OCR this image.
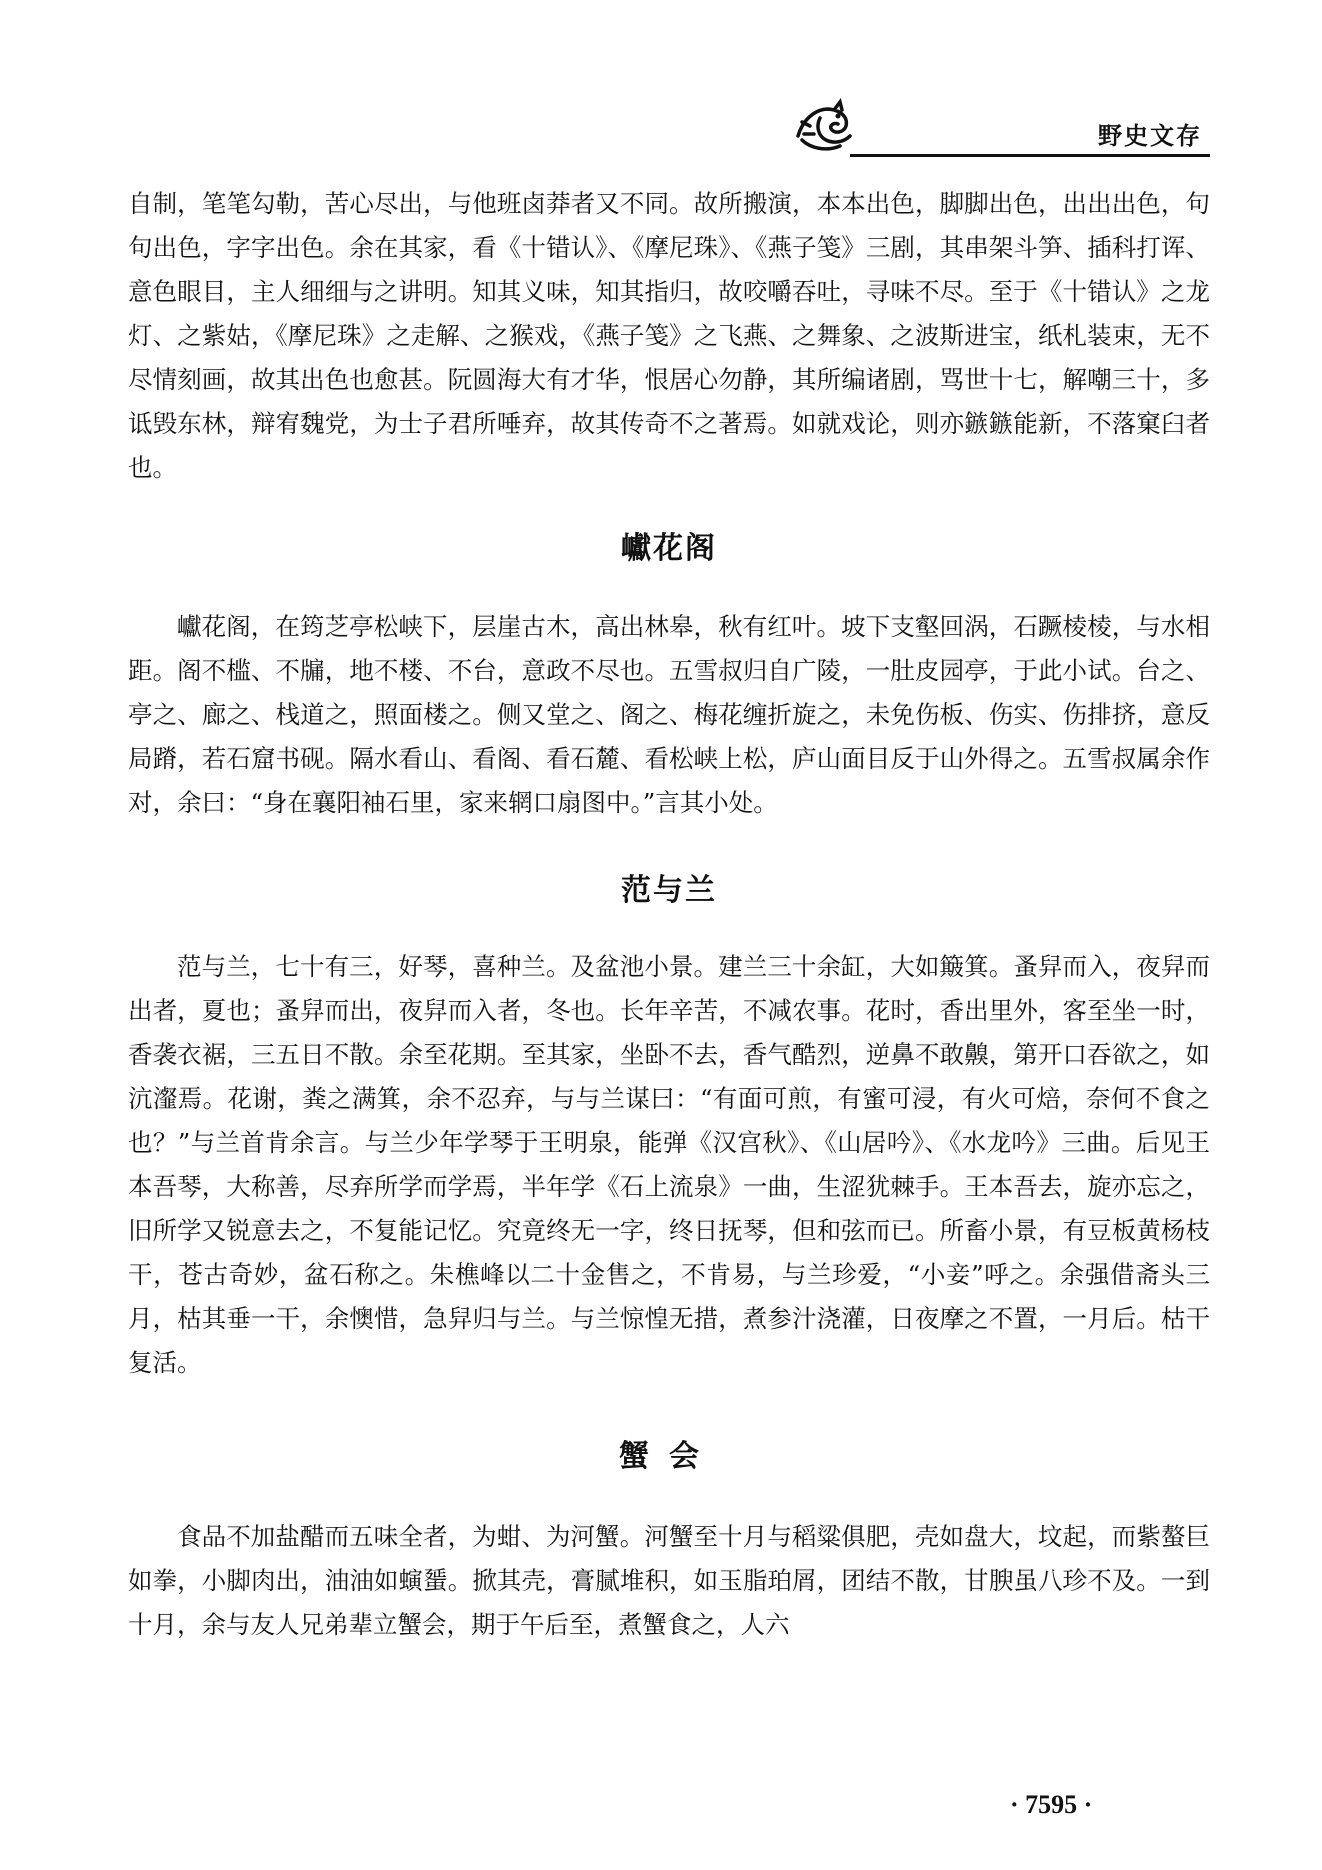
野史文存

自制，笔笔勾勒，苦心尽出，与他班卤莽者又不同。故所搬演，本本出色，脚脚出色，出出出色，句句出色，字字出色。余在其家，看《十错认》、《摩尼珠》、《燕子笺》三剧，其串架斗笋、插科打诨、意色眼目，主人细细与之讲明。知其义味，知其指归，故咬嚼吞吐，寻味不尽。至于《十错认》之龙灯、之紫姑，《摩尼珠》之走解、之猴戏，《燕子笺》之飞燕、之舞象、之波斯进宝，纸札装束，无不尽情刻画，故其出色也愈甚。阮圆海大有才华，恨居心勿静，其所编诸剧，骂世十七，解嘲三十，多诋毁东林，辩宥魏党，为士子君所唾弃，故其传奇不之著焉。如就戏论，则亦鏃鏃能新，不落窠臼者也。

巘花阁

巘花阁，在筠芝亭松峡下，层崖古木，高出林皋，秋有红叶。坡下支壑回涡，石蹶棱棱，与水相距。阁不槛、不牖，地不楼、不台，意政不尽也。五雪叔归自广陵，一肚皮园亭，于此小试。台之、亭之、廊之、栈道之，照面楼之。侧又堂之、阁之、梅花缠折旋之，未免伤板、伤实、伤排挤，意反局蹐，若石窟书砚。隔水看山、看阁、看石麓、看松峡上松，庐山面目反于山外得之。五雪叔属余作对，余曰：“身在襄阳袖石里，家来辋口扇图中。”言其小处。

范与兰

范与兰，七十有三，好琴，喜种兰。及盆池小景。建兰三十余缸，大如簸箕。蚤舁而入，夜舁而出者，夏也；蚤舁而出，夜舁而入者，冬也。长年辛苦，不减农事。花时，香出里外，客至坐一时，香袭衣裾，三五日不散。余至花期。至其家，坐卧不去，香气酷烈，逆鼻不敢齅，第开口吞欲之，如沆瀣焉。花谢，粪之满箕，余不忍弃，与与兰谋曰：“有面可煎，有蜜可浸，有火可焙，奈何不食之也？”与兰首肯余言。与兰少年学琴于王明泉，能弹《汉宫秋》、《山居吟》、《水龙吟》三曲。后见王本吾琴，大称善，尽弃所学而学焉，半年学《石上流泉》一曲，生涩犹棘手。王本吾去，旋亦忘之，旧所学又锐意去之，不复能记忆。究竟终无一字，终日抚琴，但和弦而已。所畜小景，有豆板黄杨枝干，苍古奇妙，盆石称之。朱樵峰以二十金售之，不肯易，与兰珍爱，“小妾”呼之。余强借斋头三月，枯其垂一干，余懊惜，急舁归与兰。与兰惊惶无措，煮参汁浇灌，日夜摩之不置，一月后。枯干复活。

蟹会

食品不加盐醋而五味全者，为蚶、为河蟹。河蟹至十月与稻粱俱肥，壳如盘大，坟起，而紫螯巨如拳，小脚肉出，油油如螾蜑。掀其壳，膏腻堆积，如玉脂珀屑，团结不散，甘腴虽八珍不及。一到十月，余与友人兄弟辈立蟹会，期于午后至，煮蟹食之，人六

· 7595 ·
